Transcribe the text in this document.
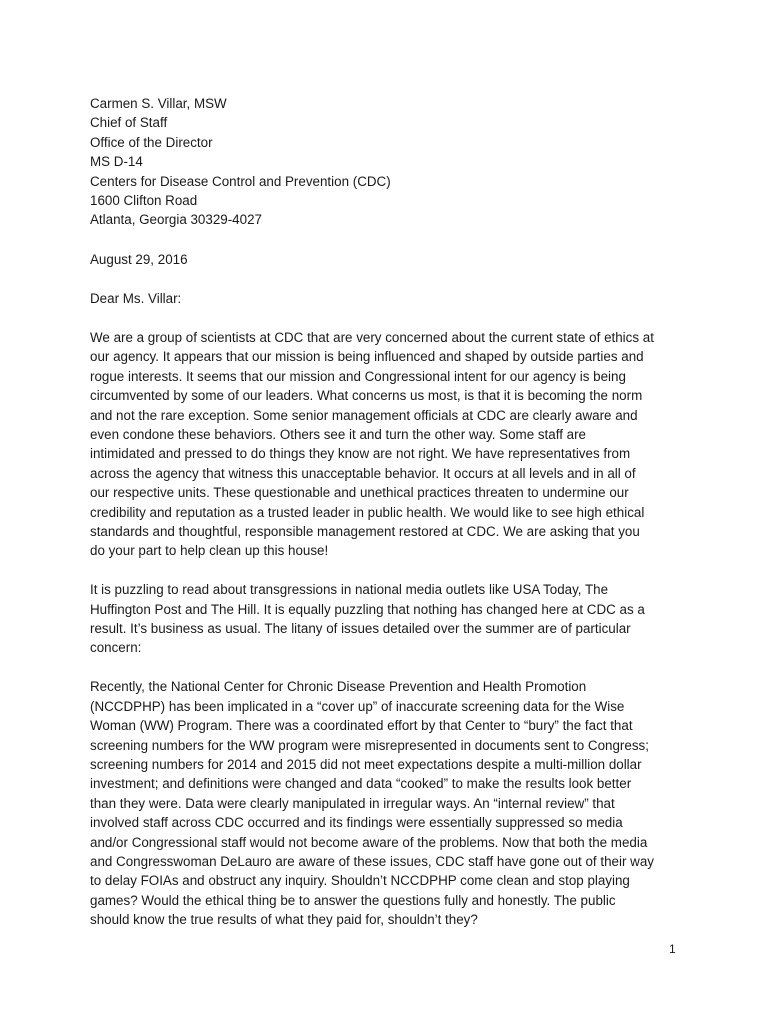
Carmen S. Villar, MSW
Chief of Staff
Office of the Director
MS D-14
Centers for Disease Control and Prevention (CDC)
1600 Clifton Road
Atlanta, Georgia 30329-4027
August 29, 2016
Dear Ms. Villar:
We are a group of scientists at CDC that are very concerned about the current state of ethics at
our agency. It appears that our mission is being influenced and shaped by outside parties and
rogue interests. It seems that our mission and Congressional intent for our agency is being
circumvented by some of our leaders. What concerns us most, is that it is becoming the norm
and not the rare exception. Some senior management officials at CDC are clearly aware and
even condone these behaviors. Others see it and turn the other way. Some staff are
intimidated and pressed to do things they know are not right. We have representatives from
across the agency that witness this unacceptable behavior. It occurs at all levels and in all of
our respective units. These questionable and unethical practices threaten to undermine our
credibility and reputation as a trusted leader in public health. We would like to see high ethical
standards and thoughtful, responsible management restored at CDC. We are asking that you
do your part to help clean up this house!
It is puzzling to read about transgressions in national media outlets like USA Today, The
Huffington Post and The Hill. It is equally puzzling that nothing has changed here at CDC as a
result. It’s business as usual. The litany of issues detailed over the summer are of particular
concern:
Recently, the National Center for Chronic Disease Prevention and Health Promotion
(NCCDPHP) has been implicated in a “cover up” of inaccurate screening data for the Wise
Woman (WW) Program. There was a coordinated effort by that Center to “bury” the fact that
screening numbers for the WW program were misrepresented in documents sent to Congress;
screening numbers for 2014 and 2015 did not meet expectations despite a multi-million dollar
investment; and definitions were changed and data “cooked” to make the results look better
than they were. Data were clearly manipulated in irregular ways. An “internal review” that
involved staff across CDC occurred and its findings were essentially suppressed so media
and/or Congressional staff would not become aware of the problems. Now that both the media
and Congresswoman DeLauro are aware of these issues, CDC staff have gone out of their way
to delay FOIAs and obstruct any inquiry. Shouldn’t NCCDPHP come clean and stop playing
games? Would the ethical thing be to answer the questions fully and honestly. The public
should know the true results of what they paid for, shouldn’t they?
1
